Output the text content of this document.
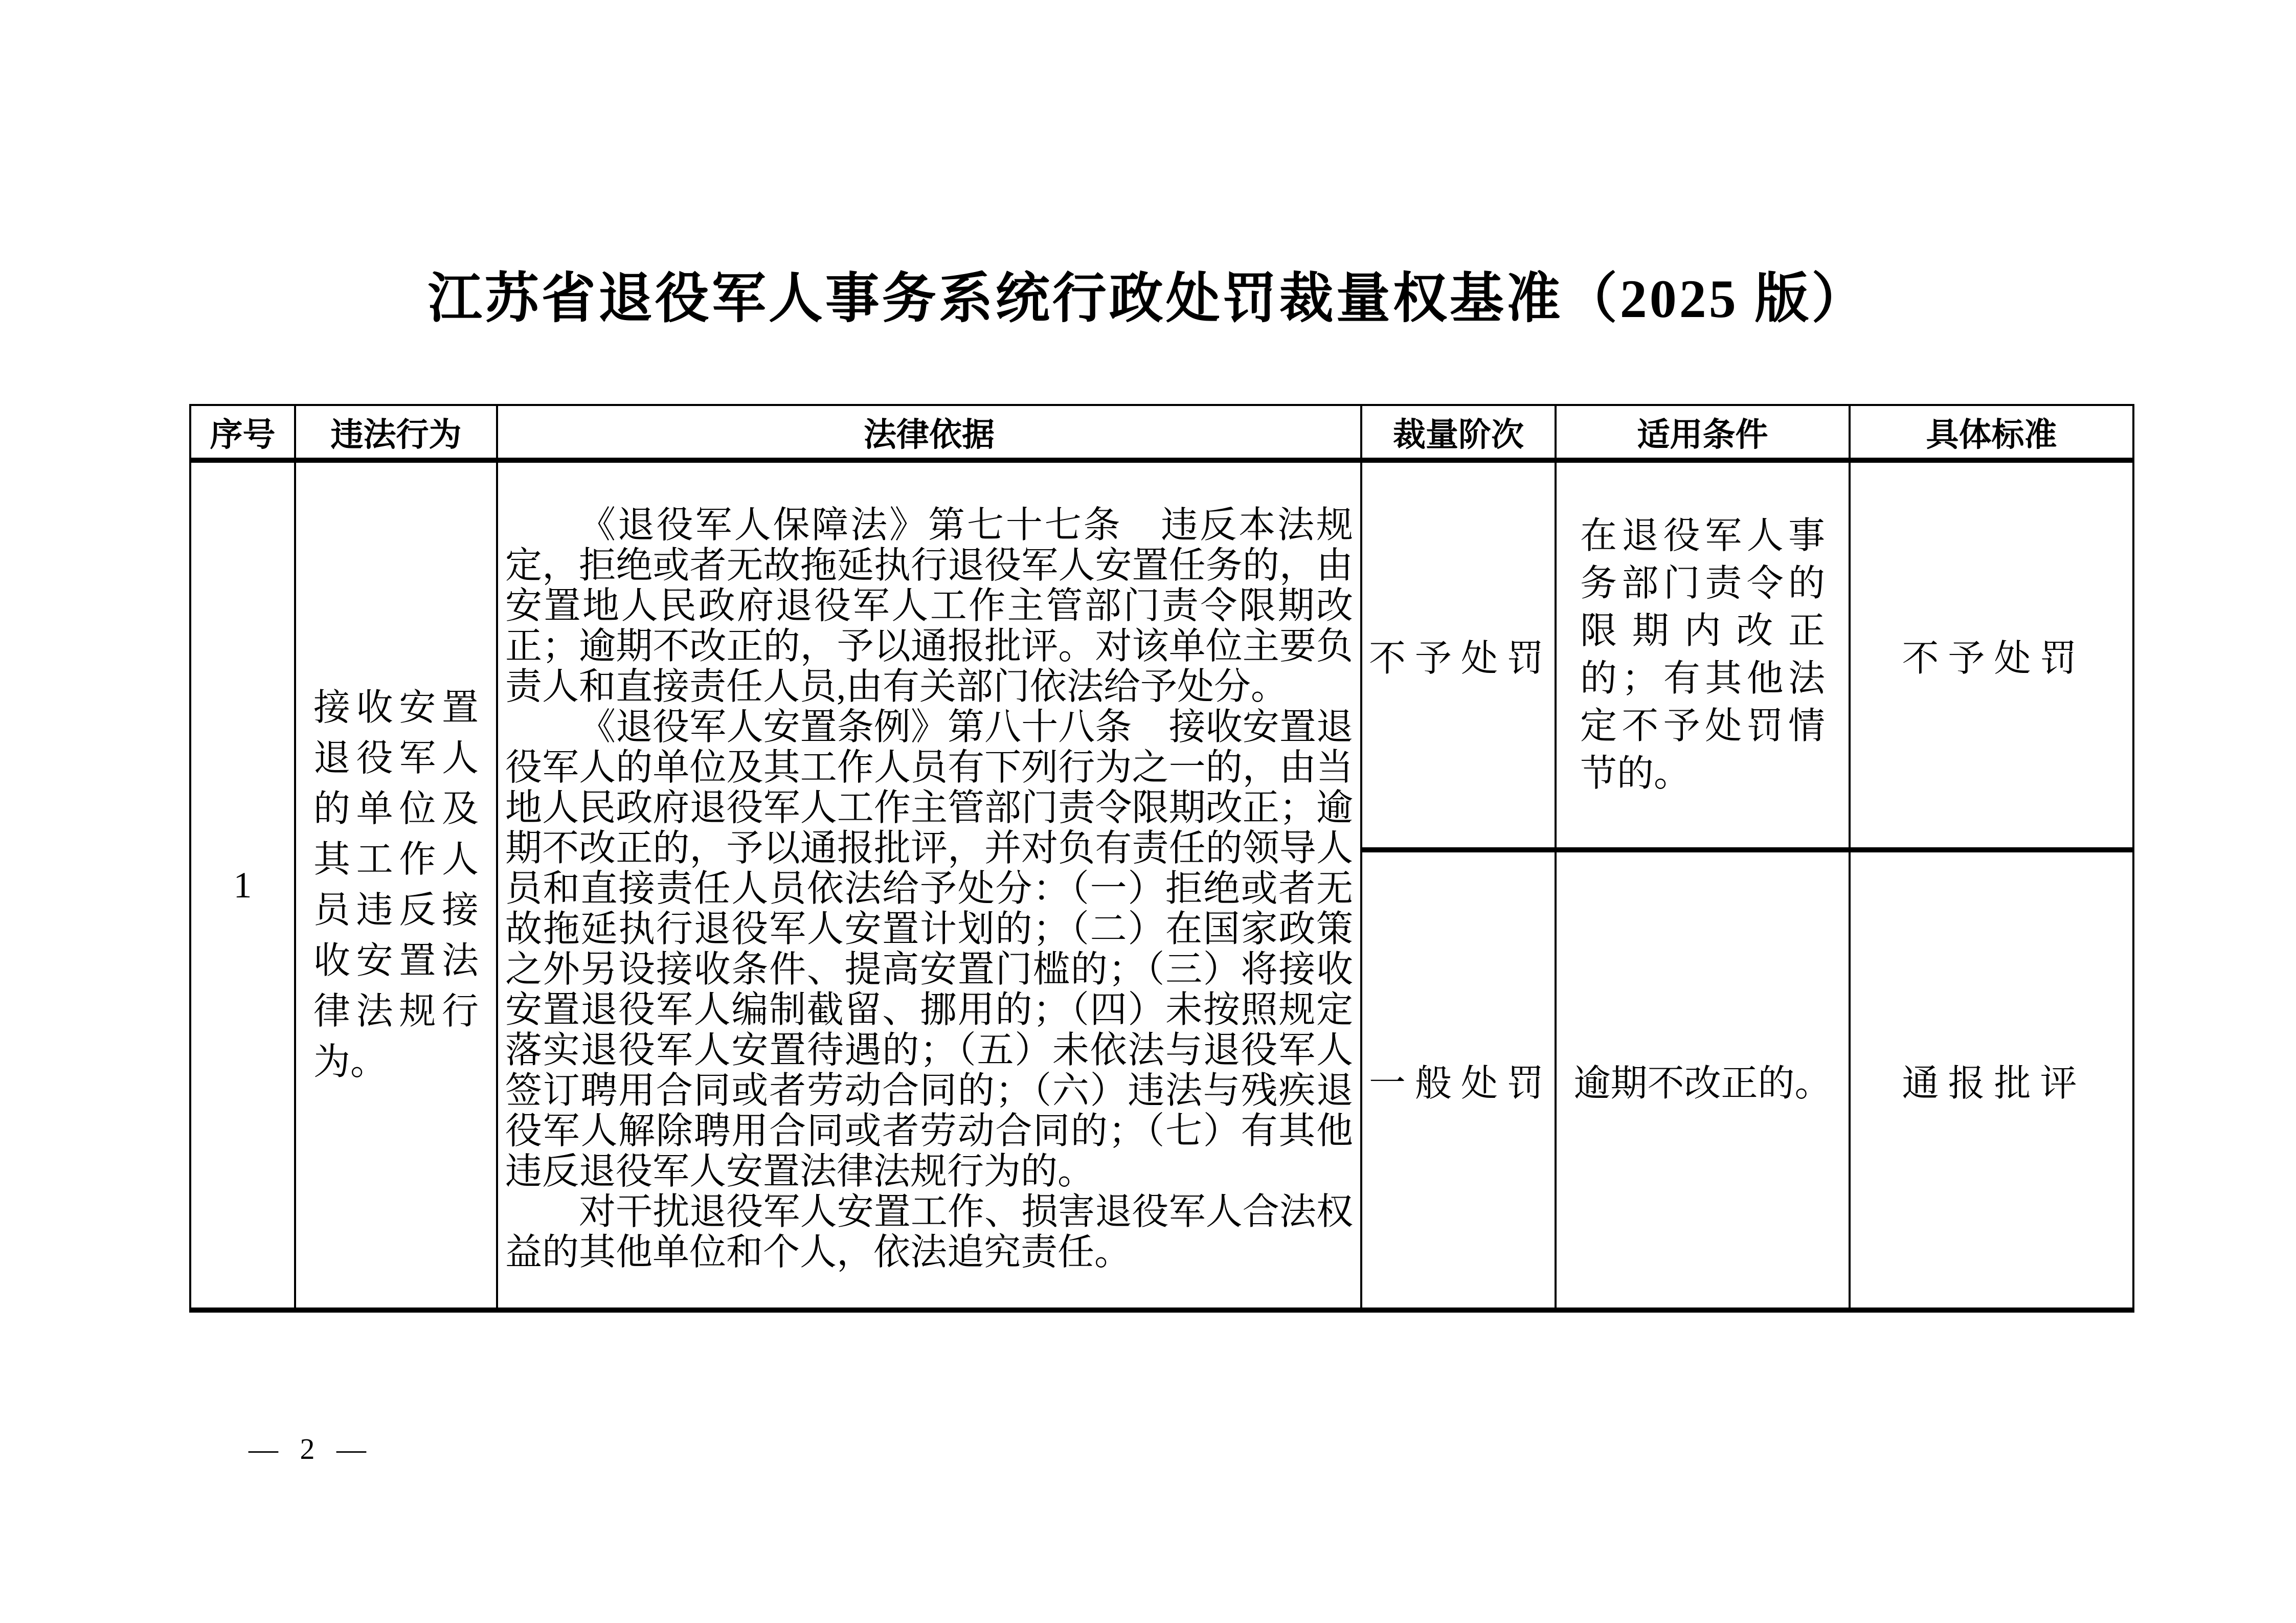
江苏省退役军人事务系统行政处罚裁量权基准（2025 版）
序号	违法行为	法律依据	裁量阶次	适用条件	具体标准
1	接收安置退役军人的单位及其工作人员违反接收安置法律法规行为。	《退役军人保障法》第七十七条　违反本法规定，拒绝或者无故拖延执行退役军人安置任务的，由安置地人民政府退役军人工作主管部门责令限期改正；逾期不改正的，予以通报批评。对该单位主要负责人和直接责任人员,由有关部门依法给予处分。

《退役军人安置条例》第八十八条　接收安置退役军人的单位及其工作人员有下列行为之一的，由当地人民政府退役军人工作主管部门责令限期改正；逾期不改正的，予以通报批评，并对负有责任的领导人员和直接责任人员依法给予处分：（一）拒绝或者无故拖延执行退役军人安置计划的；（二）在国家政策之外另设接收条件、提高安置门槛的；（三）将接收安置退役军人编制截留、挪用的；（四）未按照规定落实退役军人安置待遇的；（五）未依法与退役军人签订聘用合同或者劳动合同的；（六）违法与残疾退役军人解除聘用合同或者劳动合同的；（七）有其他违反退役军人安置法律法规行为的。

对干扰退役军人安置工作、损害退役军人合法权益的其他单位和个人，依法追究责任。	不予处罚	在退役军人事务部门责令的限期内改正的；有其他法定不予处罚情节的。	不予处罚
			一般处罚	逾期不改正的。	通报批评
— 2 —
